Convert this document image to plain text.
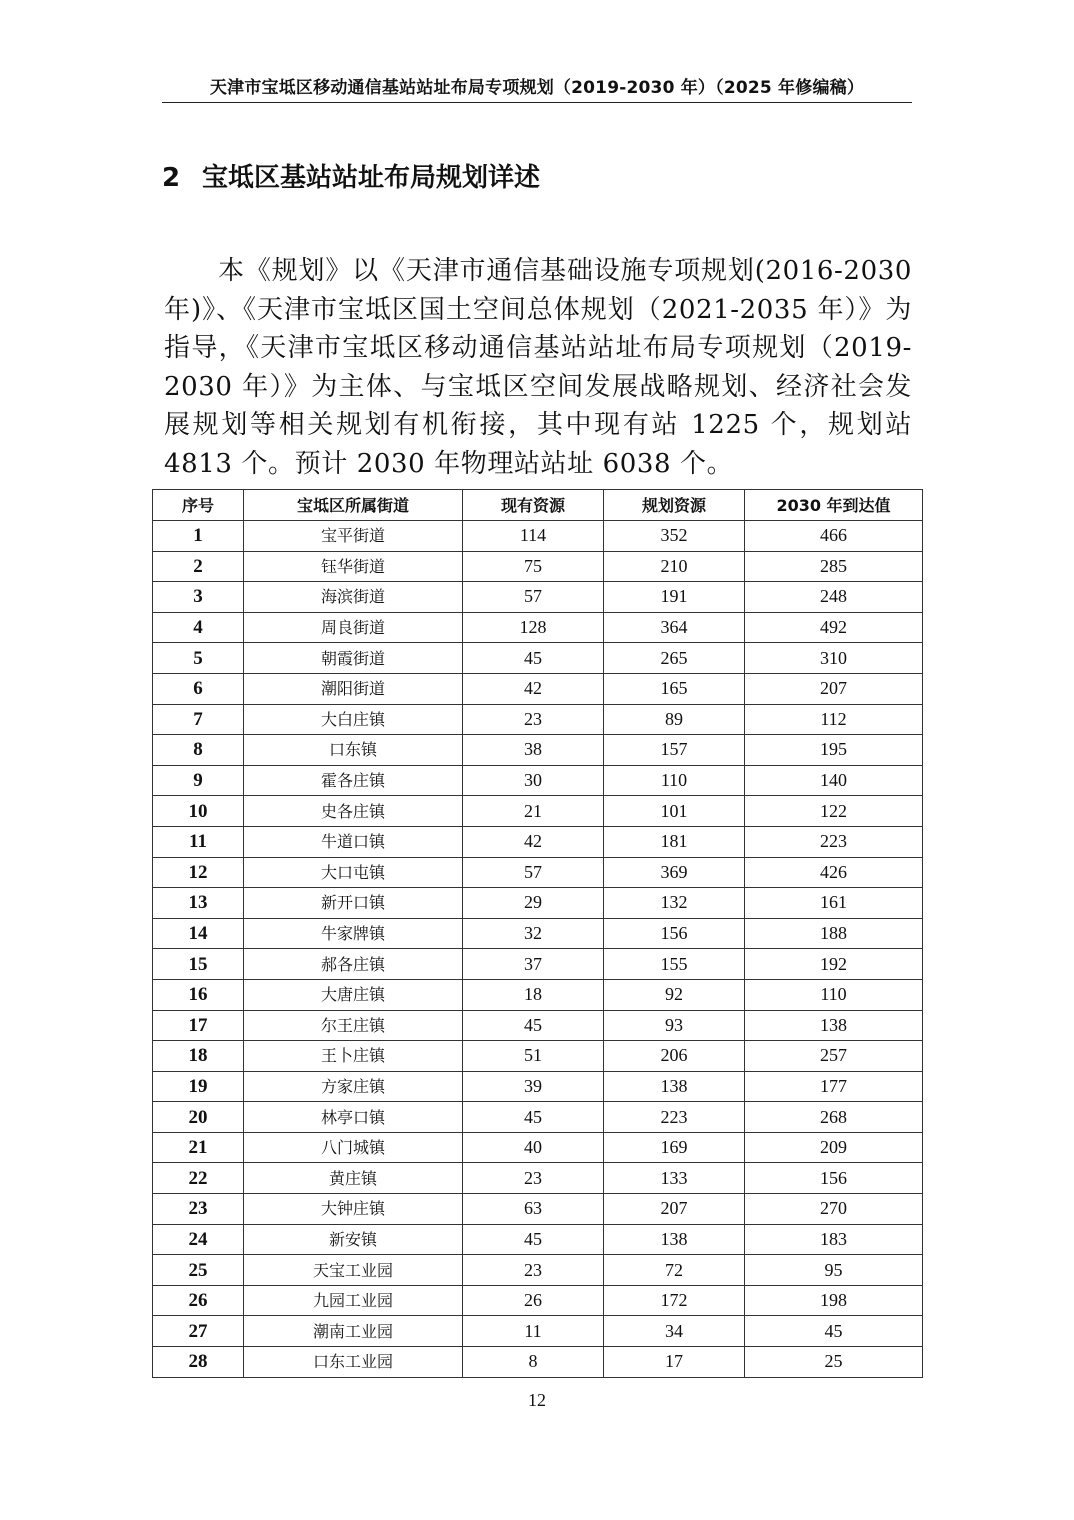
天津市宝坻区移动通信基站站址布局专项规划（2019-2030 年）（2025 年修编稿）
2 宝坻区基站站址布局规划详述

本《规划》以《天津市通信基础设施专项规划(2016-2030年)》、《天津市宝坻区国土空间总体规划（2021-2035 年）》为指导，《天津市宝坻区移动通信基站站址布局专项规划（2019-2030 年）》为主体、与宝坻区空间发展战略规划、经济社会发展规划等相关规划有机衔接，其中现有站 1225 个，规划站 4813 个。预计 2030 年物理站站址 6038 个。

序号	宝坻区所属街道	现有资源	规划资源	2030 年到达值
1	宝平街道	114	352	466
2	钰华街道	75	210	285
3	海滨街道	57	191	248
4	周良街道	128	364	492
5	朝霞街道	45	265	310
6	潮阳街道	42	165	207
7	大白庄镇	23	89	112
8	口东镇	38	157	195
9	霍各庄镇	30	110	140
10	史各庄镇	21	101	122
11	牛道口镇	42	181	223
12	大口屯镇	57	369	426
13	新开口镇	29	132	161
14	牛家牌镇	32	156	188
15	郝各庄镇	37	155	192
16	大唐庄镇	18	92	110
17	尔王庄镇	45	93	138
18	王卜庄镇	51	206	257
19	方家庄镇	39	138	177
20	林亭口镇	45	223	268
21	八门城镇	40	169	209
22	黄庄镇	23	133	156
23	大钟庄镇	63	207	270
24	新安镇	45	138	183
25	天宝工业园	23	72	95
26	九园工业园	26	172	198
27	潮南工业园	11	34	45
28	口东工业园	8	17	25
12
